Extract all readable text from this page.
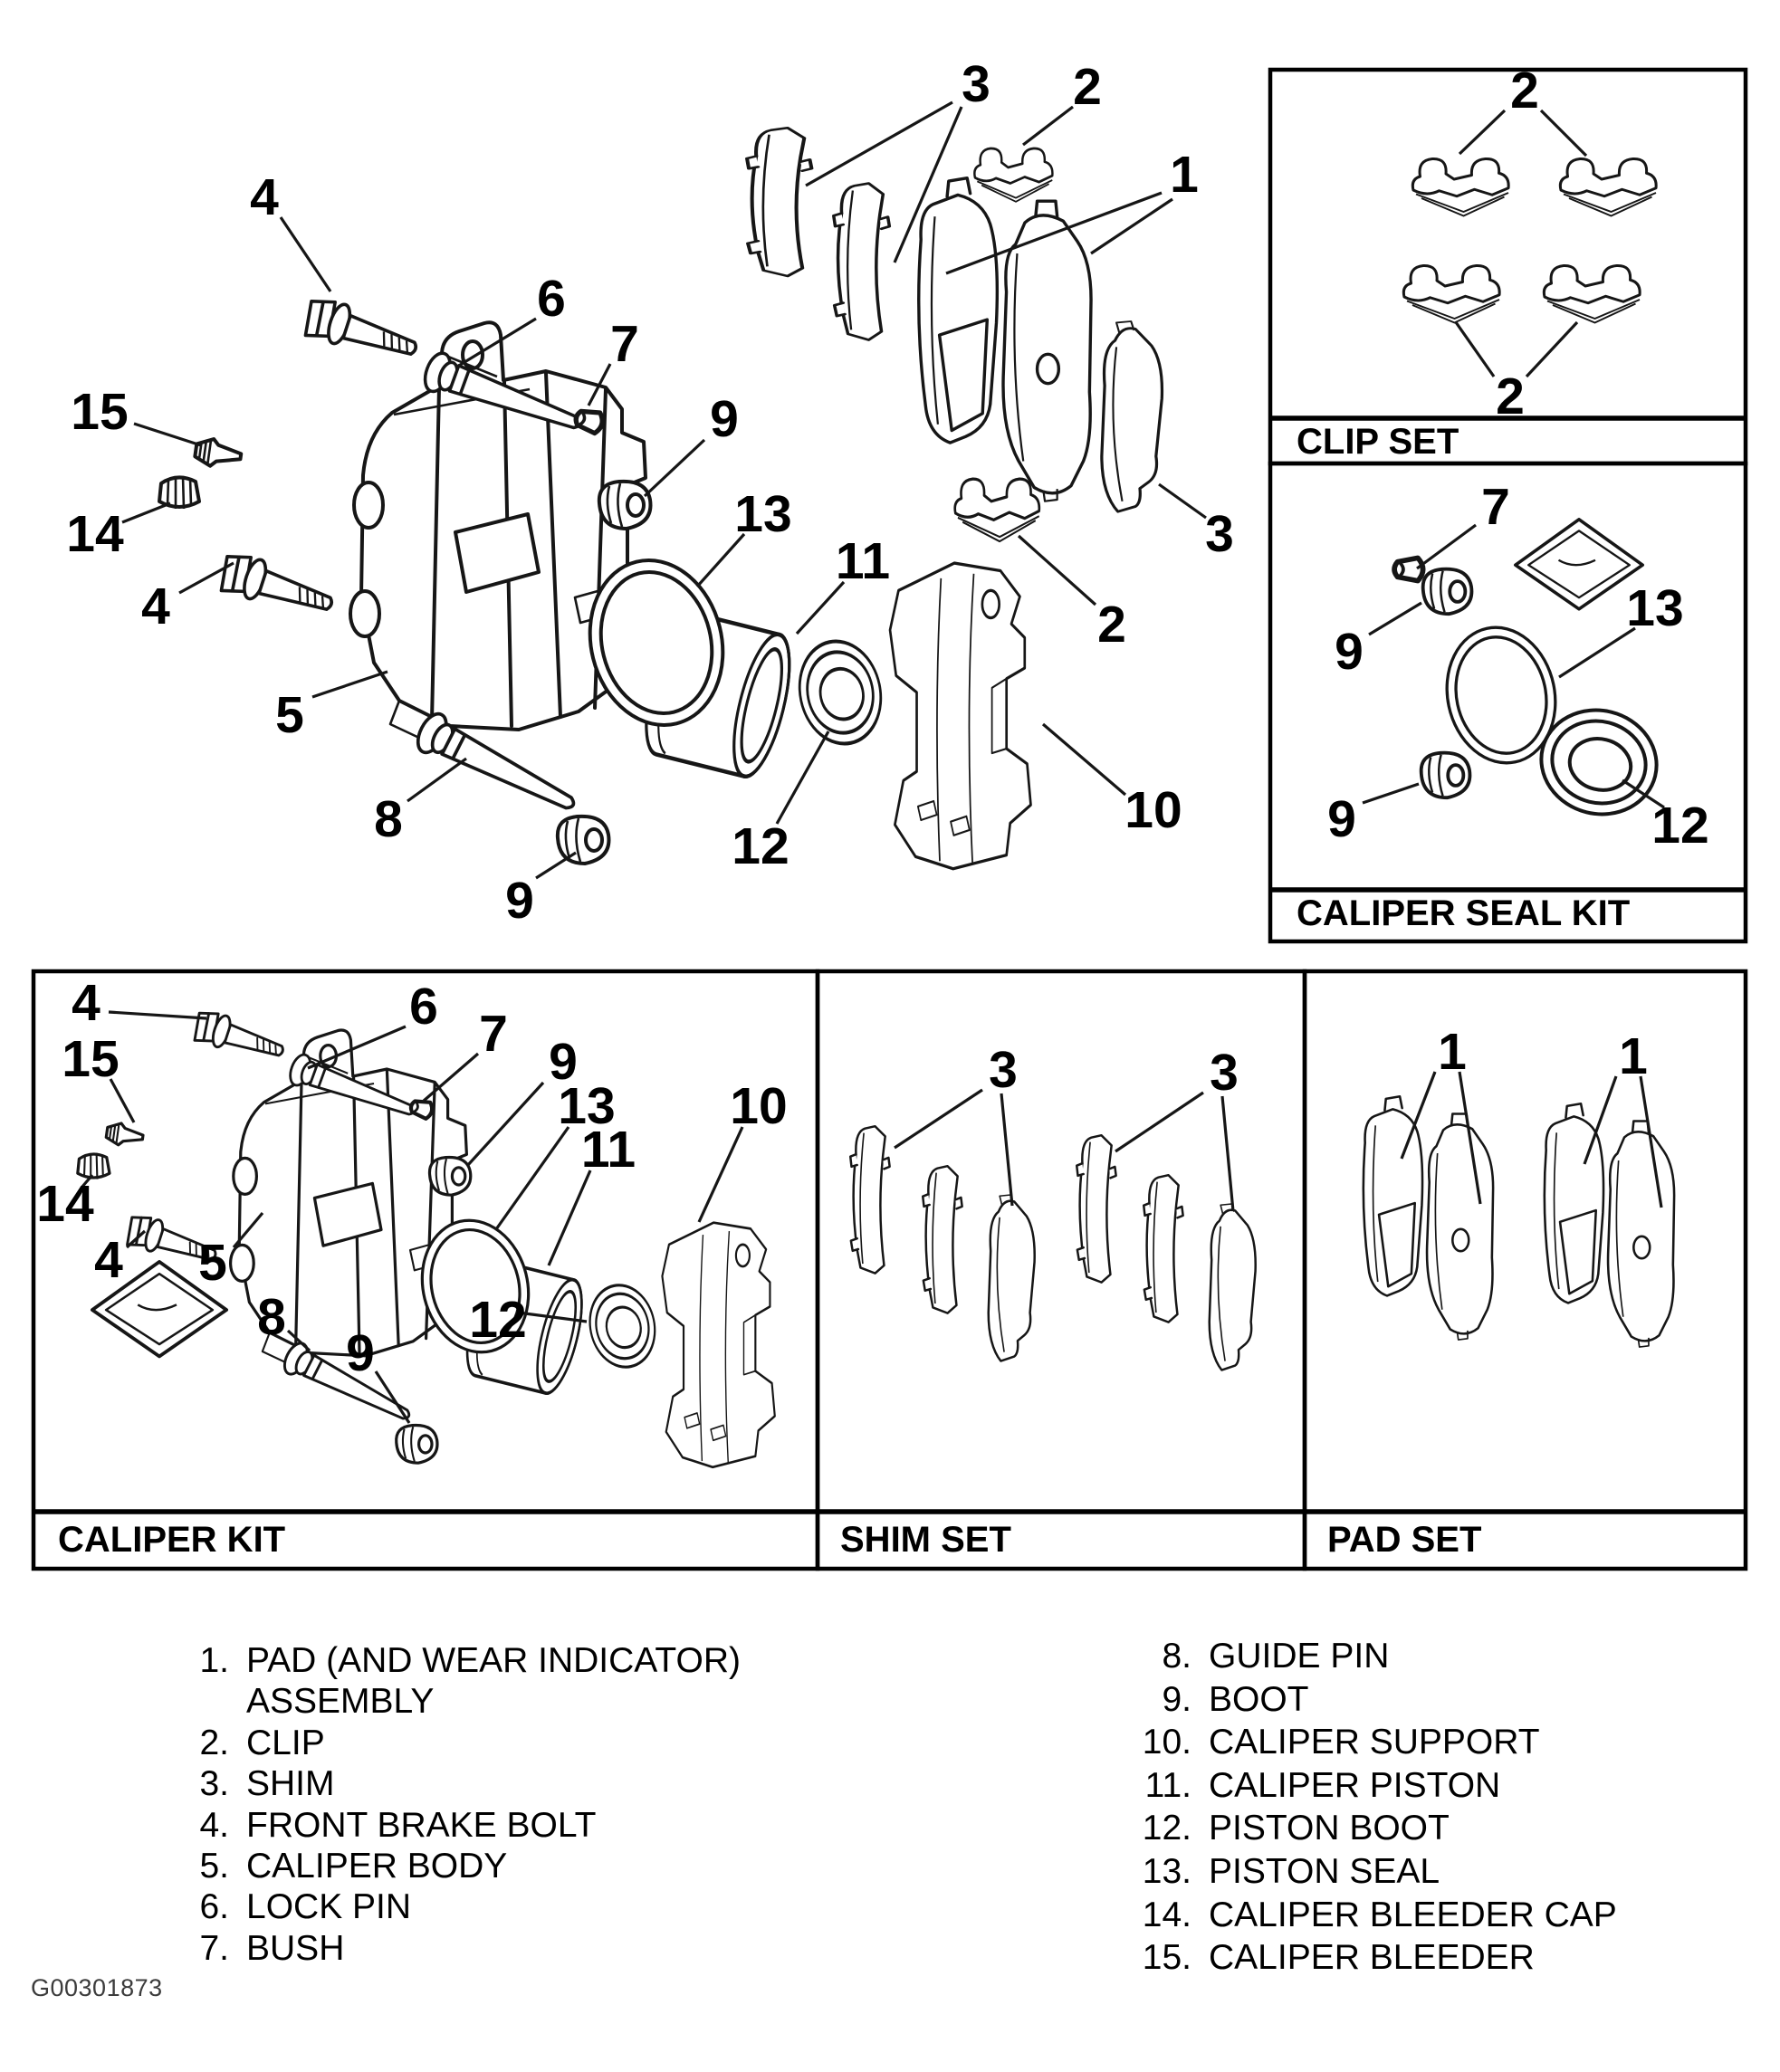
CLIP SET
CALIPER SEAL KIT
CALIPER KIT	SHIM SET	PAD SET
3 2
1
4
6
7
9
15
14
4
5
8
9
13
11
12
10
2
3
4
15
14
4 5
6 7 9
13
11
10
8
9
12
7
9
13
9	12
2
2
3	3	1	1
1. PAD (AND WEAR INDICATOR)
ASSEMBLY
2. CLIP
3. SHIM
4. FRONT BRAKE BOLT
5. CALIPER BODY
6. LOCK PIN
7. BUSH
8. GUIDE PIN
9. BOOT
10. CALIPER SUPPORT
11. CALIPER PISTON
12. PISTON BOOT
13. PISTON SEAL
14. CALIPER BLEEDER CAP
15. CALIPER BLEEDER
G00301873
